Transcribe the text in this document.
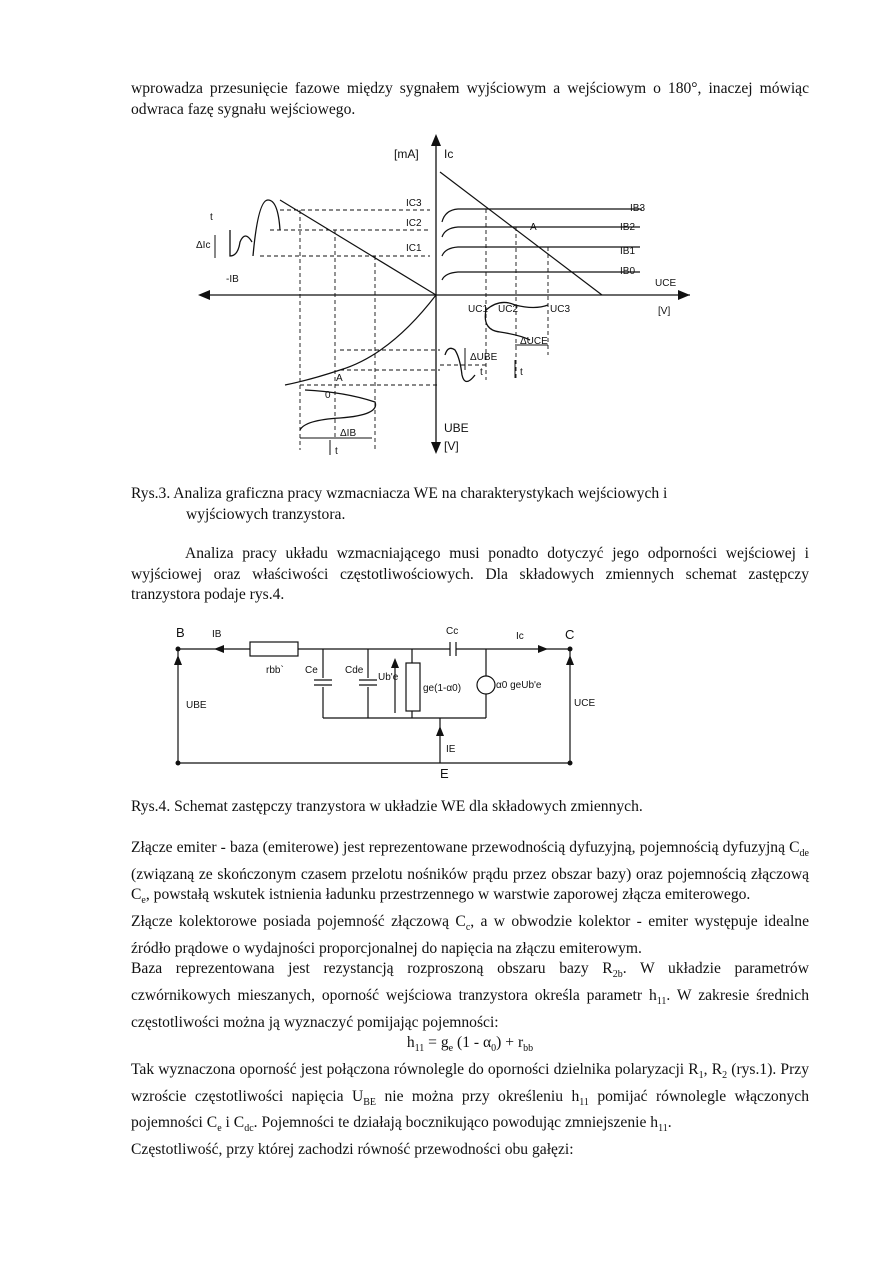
wprowadza przesunięcie fazowe między sygnałem wyjściowym a wejściowym o 180°, inaczej mówiąc odwraca fazę sygnału wejściowego.

[mA] Ic
IC3
IC2
IC1
IB3
IB2
IB1
IB0
A
UCE
[V]
t
ΔIc
-IB
UC1 UC2	UC3
ΔUCE
ΔUBE
t	t
A
0
ΔIB
t
UBE
[V]

Rys.3. Analiza graficzna pracy wzmacniacza WE na charakterystykach wejściowych i
wyjściowych tranzystora.

Analiza pracy układu wzmacniającego musi ponadto dotyczyć jego odporności wejściowej i wyjściowej oraz właściwości częstotliwościowych. Dla składowych zmiennych schemat zastępczy tranzystora podaje rys.4.

B	IB
rbb` Ce	Cde
Ub'e
ge(1-α0)	α0 geUb'e
Cc	Ic	C
UBE	UCE
IE
E

Rys.4. Schemat zastępczy tranzystora w układzie WE dla składowych zmiennych.

Złącze emiter - baza (emiterowe) jest reprezentowane przewodnością dyfuzyjną, pojemnością dyfuzyjną $C_{de}$ (związaną ze skończonym czasem przelotu nośników prądu przez obszar bazy) oraz pojemnością złączową $C_e$, powstałą wskutek istnienia ładunku przestrzennego w warstwie zaporowej złącza emiterowego.

Złącze kolektorowe posiada pojemność złączową $C_c$, a w obwodzie kolektor - emiter występuje idealne źródło prądowe o wydajności proporcjonalnej do napięcia na złączu emiterowym.

Baza reprezentowana jest rezystancją rozproszoną obszaru bazy $R_{2b}$. W układzie parametrów czwórnikowych mieszanych, oporność wejściowa tranzystora określa parametr $h_{11}$. W zakresie średnich częstotliwości można ją wyznaczyć pomijając pojemności:

$h_{11} = g_e$ $(1 - \alpha_0) + r_{bb}$

Tak wyznaczona oporność jest połączona równolegle do oporności dzielnika polaryzacji $R_1$, $R_2$ (rys.1). Przy wzroście częstotliwości napięcia $U_{BE}$ nie można przy określeniu $h_{11}$ pomijać równolegle włączonych pojemności $C_e$ i $C_{dc}$. Pojemności te działają bocznikująco powodując zmniejszenie $h_{11}$.

Częstotliwość, przy której zachodzi równość przewodności obu gałęzi:
